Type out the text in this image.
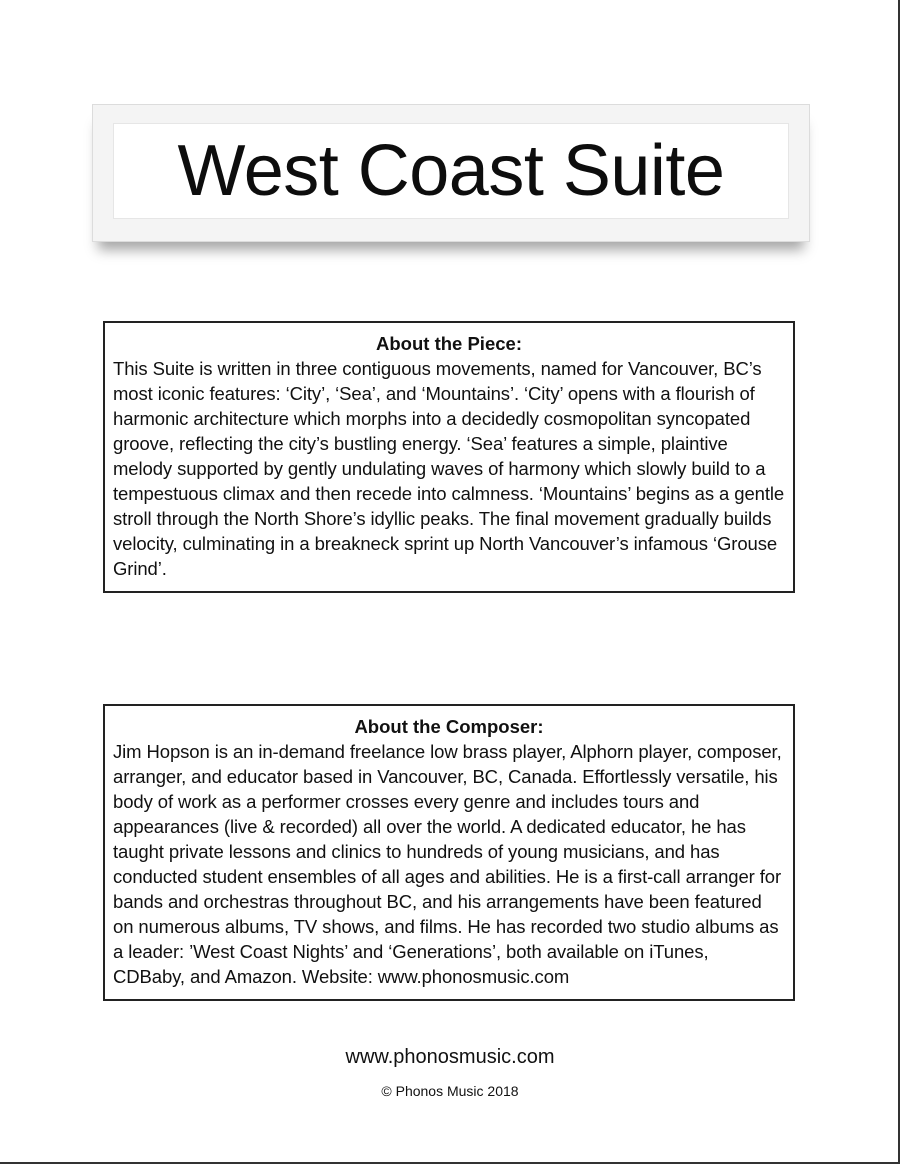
West Coast Suite
About the Piece:

This Suite is written in three contiguous movements, named for Vancouver, BC’s most iconic features: ‘City’, ‘Sea’, and ‘Mountains’. ‘City’ opens with a flourish of harmonic architecture which morphs into a decidedly cosmopolitan syncopated groove, reflecting the city’s bustling energy. ‘Sea’ features a simple, plaintive melody supported by gently undulating waves of harmony which slowly build to a tempestuous climax and then recede into calmness. ‘Mountains’ begins as a gentle stroll through the North Shore’s idyllic peaks. The final movement gradually builds velocity, culminating in a breakneck sprint up North Vancouver’s infamous ‘Grouse Grind’.

About the Composer:

Jim Hopson is an in-demand freelance low brass player, Alphorn player, composer, arranger, and educator based in Vancouver, BC, Canada. Effortlessly versatile, his body of work as a performer crosses every genre and includes tours and appearances (live & recorded) all over the world. A dedicated educator, he has taught private lessons and clinics to hundreds of young musicians, and has conducted student ensembles of all ages and abilities. He is a first-call arranger for bands and orchestras throughout BC, and his arrangements have been featured on numerous albums, TV shows, and films. He has recorded two studio albums as a leader: ’West Coast Nights’ and ‘Generations’, both available on iTunes, CDBaby, and Amazon. Website: www.phonosmusic.com

www.phonosmusic.com
© Phonos Music 2018
